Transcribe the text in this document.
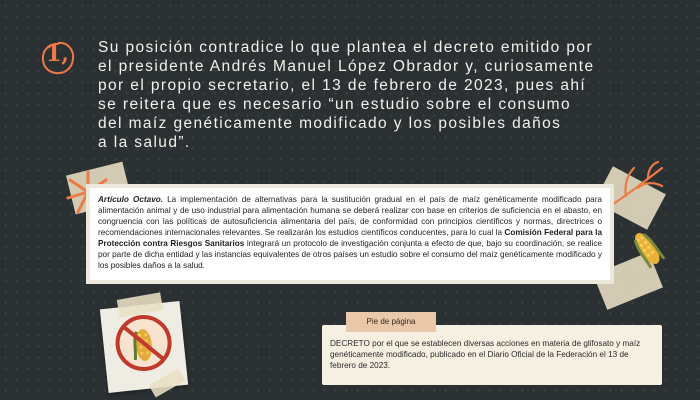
1, Su posición contradice lo que plantea el decreto emitido por
el presidente Andrés Manuel López Obrador y, curiosamente
por el propio secretario, el 13 de febrero de 2023, pues ahí
se reitera que es necesario “un estudio sobre el consumo
del maíz genéticamente modificado y los posibles daños
a la salud”.

Artículo Octavo. La implementación de alternativas para la sustitución gradual en el país de maíz genéticamente modificado para alimentación animal y de uso industrial para alimentación humana se deberá realizar con base en criterios de suficiencia en el abasto, en congruencia con las políticas de autosuficiencia alimentaria del país, de conformidad con principios científicos y normas, directrices o recomendaciones internacionales relevantes. Se realizarán los estudios científicos conducentes, para lo cual la Comisión Federal para la Protección contra Riesgos Sanitarios integrará un protocolo de investigación conjunta a efecto de que, bajo su coordinación, se realice por parte de dicha entidad y las instancias equivalentes de otros países un estudio sobre el consumo del maíz genéticamente modificado y los posibles daños a la salud.
Pie de página

DECRETO por el que se establecen diversas acciones en materia de glifosato y maíz genéticamente modificado, publicado en el Diario Oficial de la Federación el 13 de febrero de 2023.
